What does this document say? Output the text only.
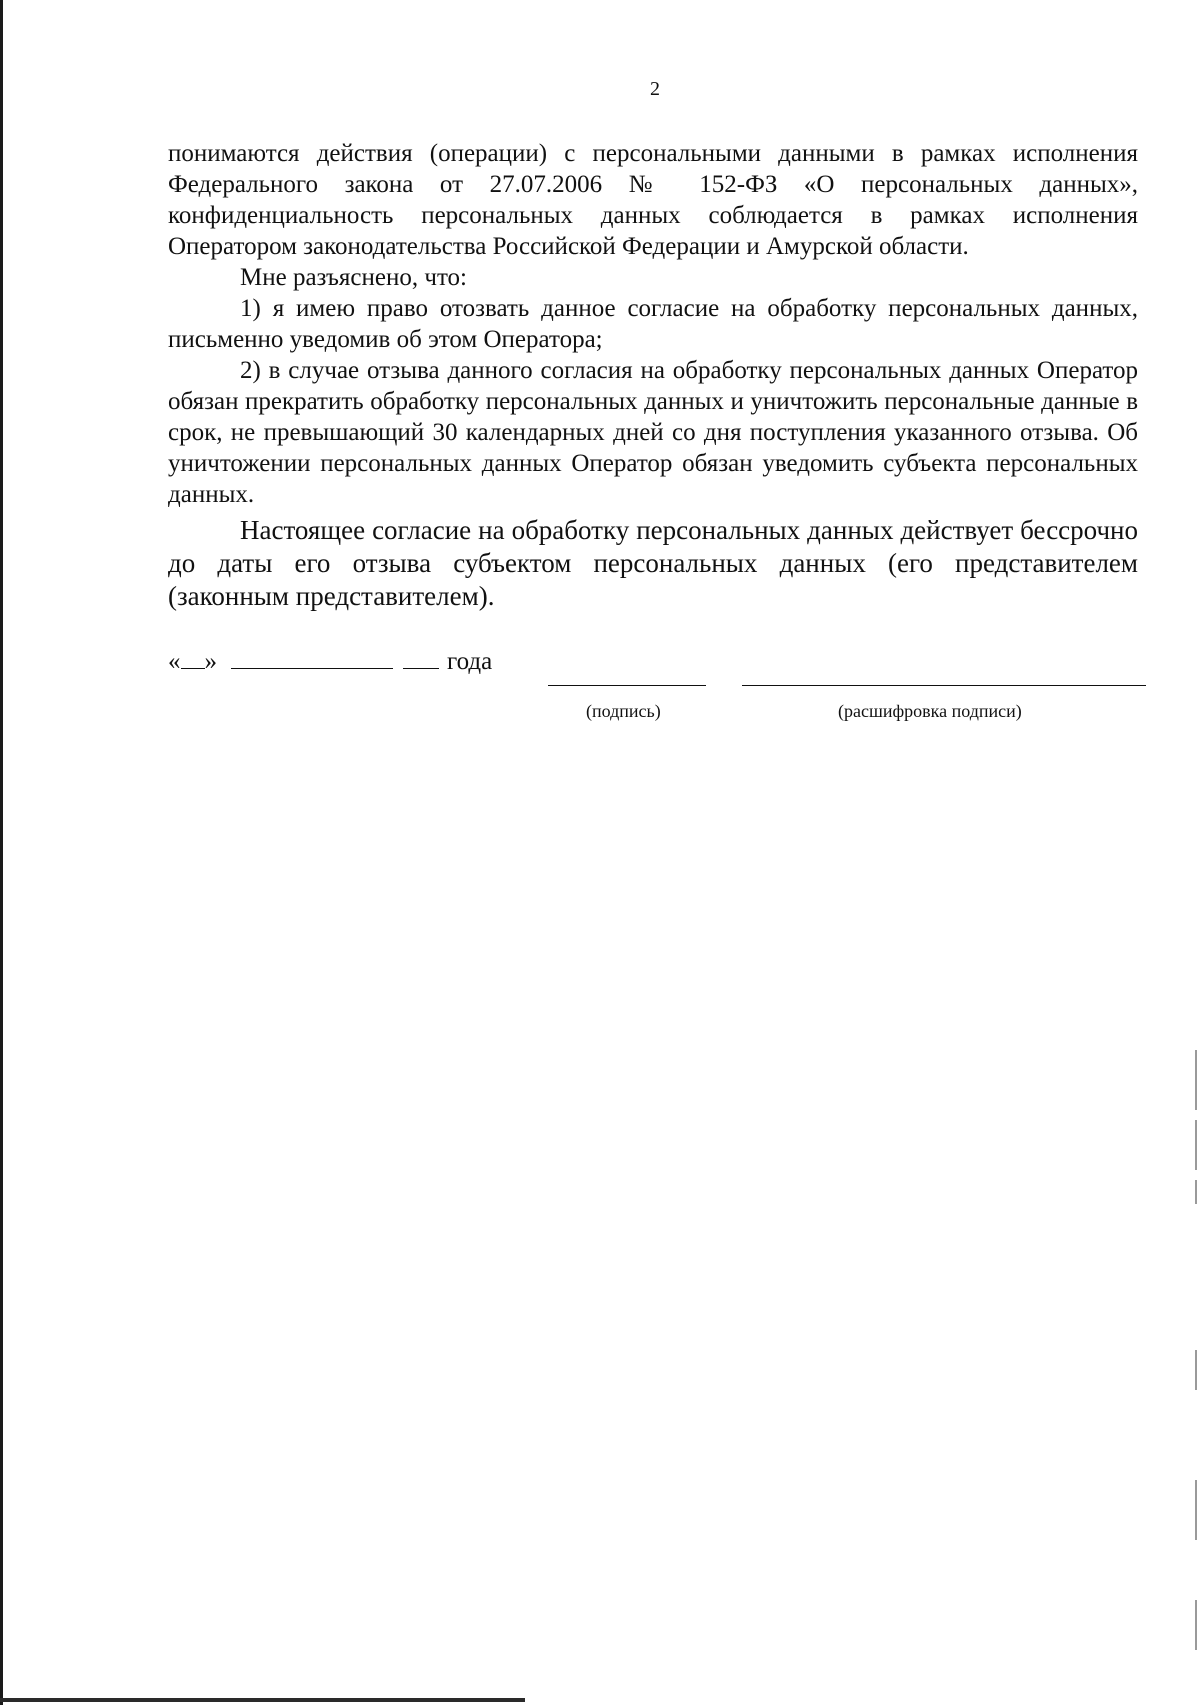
2

понимаются действия (операции) с персональными данными в рамках исполнения Федерального закона от 27.07.2006 № 152-ФЗ «О персональных данных», конфиденциальность персональных данных соблюдается в рамках исполнения Оператором законодательства Российской Федерации и Амурской области.

Мне разъяснено, что:

1) я имею право отозвать данное согласие на обработку персональных данных, письменно уведомив об этом Оператора;

2) в случае отзыва данного согласия на обработку персональных данных Оператор обязан прекратить обработку персональных данных и уничтожить персональные данные в срок, не превышающий 30 календарных дней со дня поступления указанного отзыва. Об уничтожении персональных данных Оператор обязан уведомить субъекта персональных данных.

Настоящее согласие на обработку персональных данных действует бессрочно до даты его отзыва субъектом персональных данных (его представителем (законным представителем).

« »	года
(подпись)	(расшифровка подписи)
